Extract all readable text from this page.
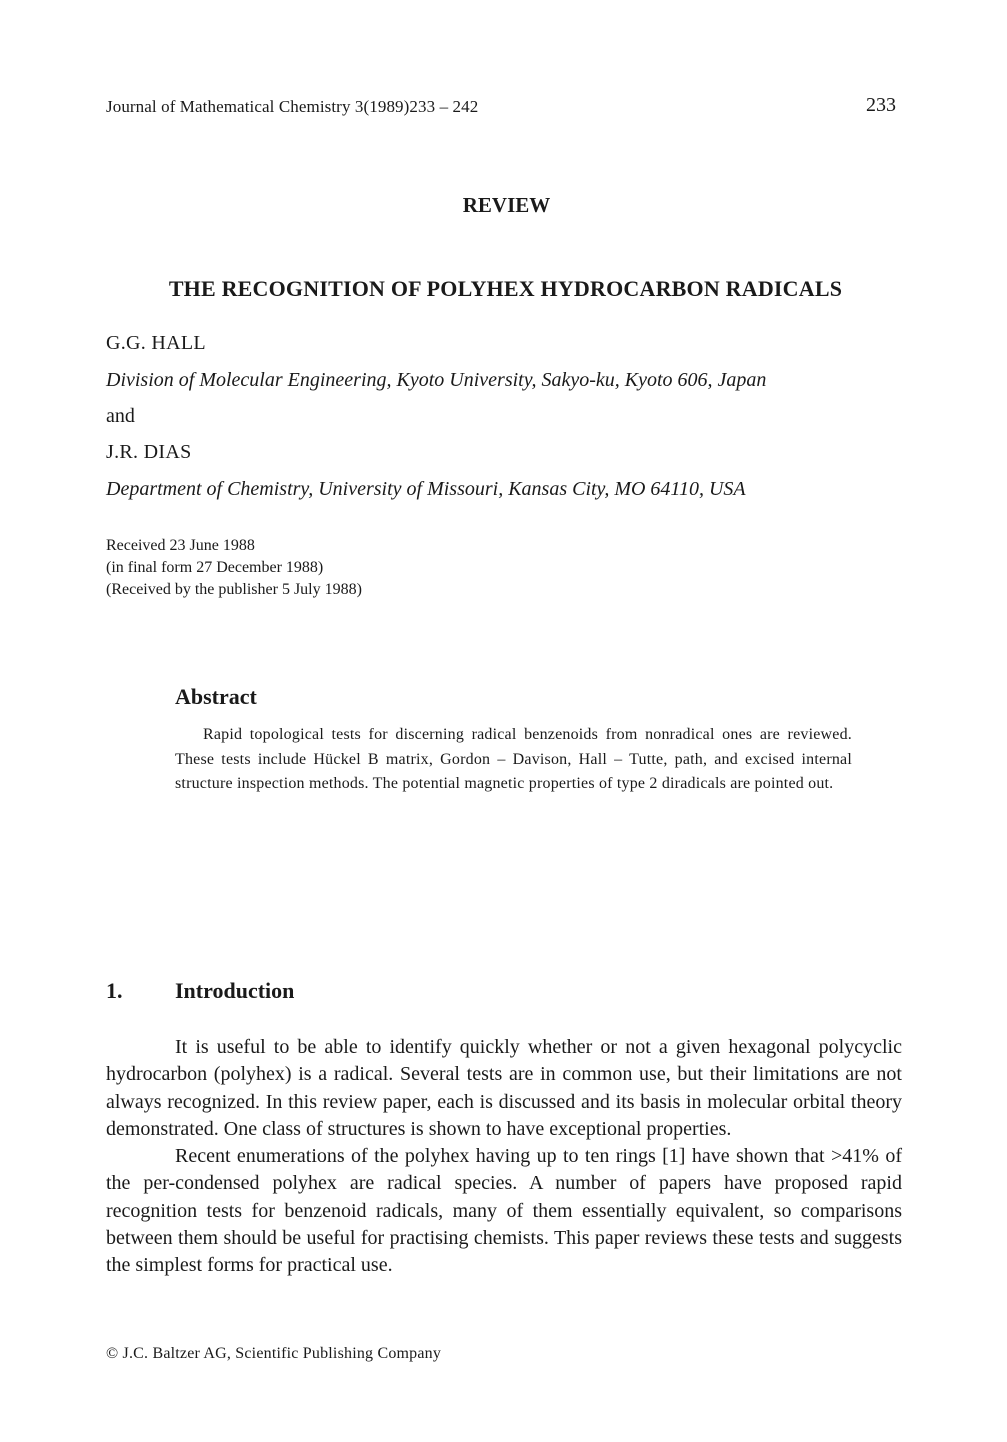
Journal of Mathematical Chemistry 3(1989)233 – 242	233
REVIEW
THE RECOGNITION OF POLYHEX HYDROCARBON RADICALS
G.G. HALL
Division of Molecular Engineering, Kyoto University, Sakyo-ku, Kyoto 606, Japan
and
J.R. DIAS
Department of Chemistry, University of Missouri, Kansas City, MO 64110, USA
Received 23 June 1988
(in final form 27 December 1988)
(Received by the publisher 5 July 1988)
Abstract
Rapid topological tests for discerning radical benzenoids from nonradical ones are reviewed. These tests include Hückel B matrix, Gordon – Davison, Hall – Tutte, path, and excised internal structure inspection methods. The potential magnetic properties of type 2 diradicals are pointed out.
1. Introduction

It is useful to be able to identify quickly whether or not a given hexagonal polycyclic hydrocarbon (polyhex) is a radical. Several tests are in common use, but their limitations are not always recognized. In this review paper, each is discussed and its basis in molecular orbital theory demonstrated. One class of structures is shown to have exceptional properties.

Recent enumerations of the polyhex having up to ten rings [1] have shown that >41% of the per-condensed polyhex are radical species. A number of papers have proposed rapid recognition tests for benzenoid radicals, many of them essentially equivalent, so comparisons between them should be useful for practising chemists. This paper reviews these tests and suggests the simplest forms for practical use.

© J.C. Baltzer AG, Scientific Publishing Company
